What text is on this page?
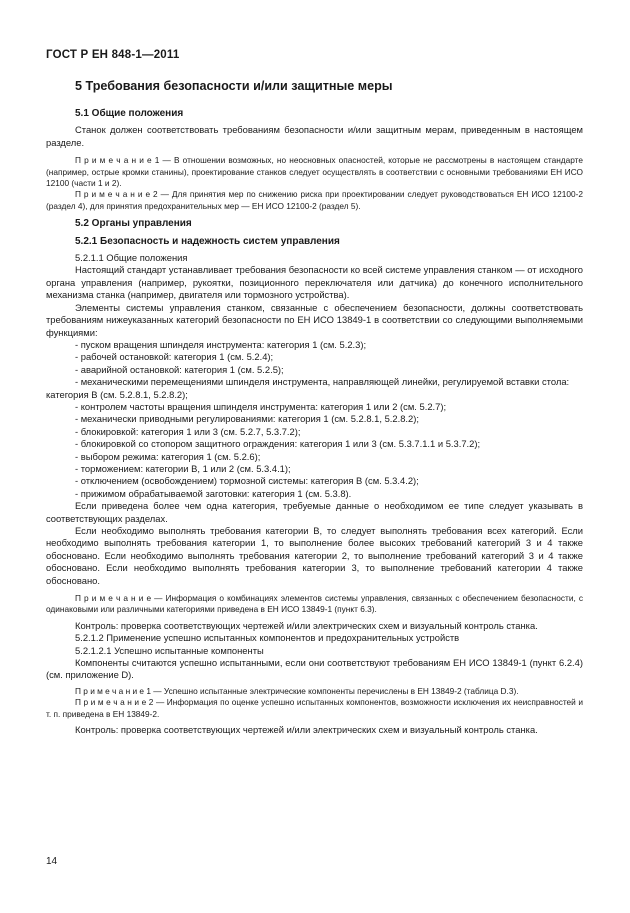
ГОСТ Р ЕН 848-1—2011

5 Требования безопасности и/или защитные меры

5.1 Общие положения

Станок должен соответствовать требованиям безопасности и/или защитным мерам, приведенным в настоящем разделе.

П р и м е ч а н и е 1 — В отношении возможных, но неосновных опасностей, которые не рассмотрены в настоящем стандарте (например, острые кромки станины), проектирование станков следует осуществлять в соответствии с основными требованиями ЕН ИСО 12100 (части 1 и 2).

П р и м е ч а н и е 2 — Для принятия мер по снижению риска при проектировании следует руководствоваться ЕН ИСО 12100-2 (раздел 4), для принятия предохранительных мер — ЕН ИСО 12100-2 (раздел 5).

5.2 Органы управления

5.2.1 Безопасность и надежность систем управления

5.2.1.1 Общие положения

Настоящий стандарт устанавливает требования безопасности ко всей системе управления станком — от исходного органа управления (например, рукоятки, позиционного переключателя или датчика) до конечного исполнительного механизма станка (например, двигателя или тормозного устройства).

Элементы системы управления станком, связанные с обеспечением безопасности, должны соответствовать требованиям нижеуказанных категорий безопасности по ЕН ИСО 13849-1 в соответствии со следующими выполняемыми функциями:

- пуском вращения шпинделя инструмента: категория 1 (см. 5.2.3);

- рабочей остановкой: категория 1 (см. 5.2.4);

- аварийной остановкой: категория 1 (см. 5.2.5);

- механическими перемещениями шпинделя инструмента, направляющей линейки, регулируемой вставки стола: категория В (см. 5.2.8.1, 5.2.8.2);

- контролем частоты вращения шпинделя инструмента: категория 1 или 2 (см. 5.2.7);

- механически приводными регулированиями: категория 1 (см. 5.2.8.1, 5.2.8.2);

- блокировкой: категория 1 или 3 (см. 5.2.7, 5.3.7.2);

- блокировкой со стопором защитного ограждения: категория 1 или 3 (см. 5.3.7.1.1 и 5.3.7.2);

- выбором режима: категория 1 (см. 5.2.6);

- торможением: категории В, 1 или 2 (см. 5.3.4.1);

- отключением (освобождением) тормозной системы: категория В (см. 5.3.4.2);

- прижимом обрабатываемой заготовки: категория 1 (см. 5.3.8).

Если приведена более чем одна категория, требуемые данные о необходимом ее типе следует указывать в соответствующих разделах.

Если необходимо выполнять требования категории В, то следует выполнять требования всех категорий. Если необходимо выполнять требования категории 1, то выполнение более высоких требований категорий 3 и 4 также обосновано. Если необходимо выполнять требования категории 2, то выполнение требований категорий 3 и 4 также обосновано. Если необходимо выполнять требования категории 3, то выполнение требований категории 4 также обосновано.

П р и м е ч а н и е — Информация о комбинациях элементов системы управления, связанных с обеспечением безопасности, с одинаковыми или различными категориями приведена в ЕН ИСО 13849-1 (пункт 6.3).

Контроль: проверка соответствующих чертежей и/или электрических схем и визуальный контроль станка.

5.2.1.2 Применение успешно испытанных компонентов и предохранительных устройств

5.2.1.2.1 Успешно испытанные компоненты

Компоненты считаются успешно испытанными, если они соответствуют требованиям ЕН ИСО 13849-1 (пункт 6.2.4) (см. приложение D).

П р и м е ч а н и е 1 — Успешно испытанные электрические компоненты перечислены в ЕН 13849-2 (таблица D.3).

П р и м е ч а н и е 2 — Информация по оценке успешно испытанных компонентов, возможности исключения их неисправностей и т. п. приведена в ЕН 13849-2.

Контроль: проверка соответствующих чертежей и/или электрических схем и визуальный контроль станка.

14
